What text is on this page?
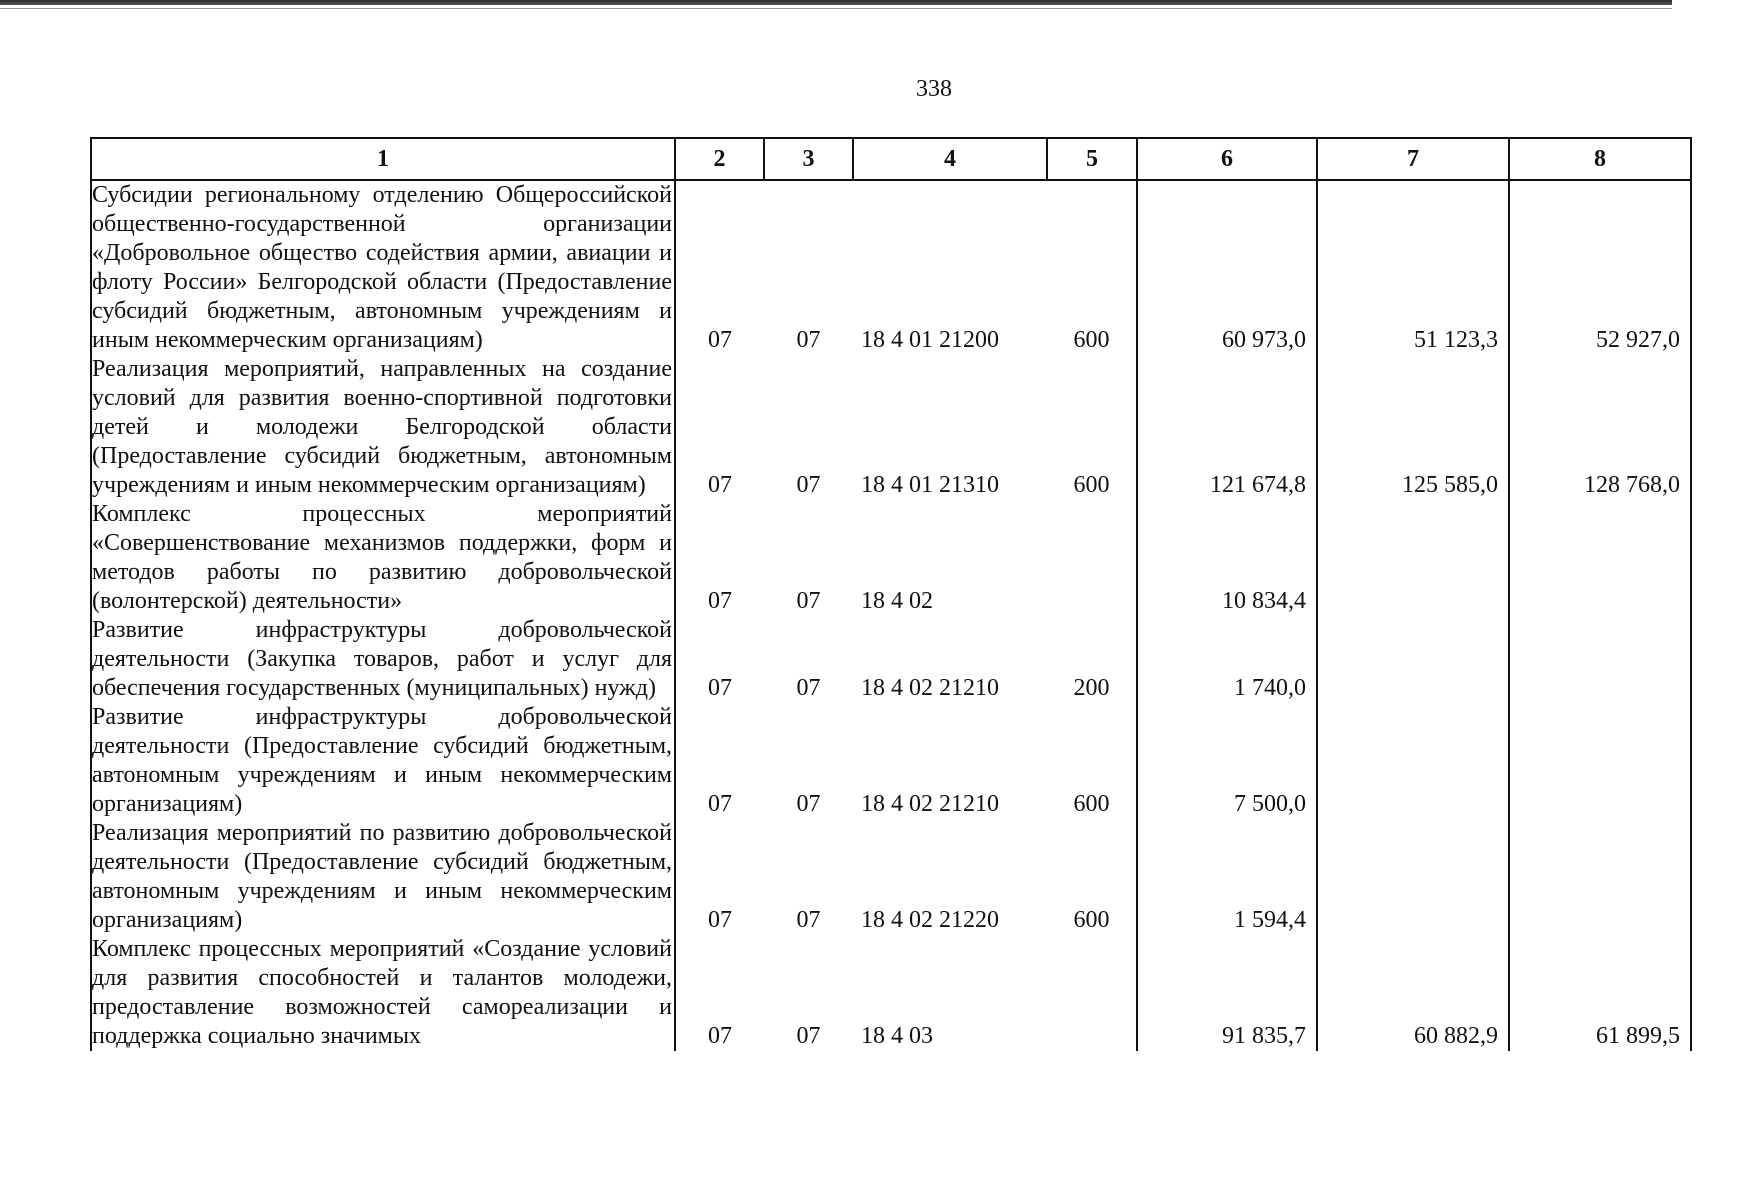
338
1	2	3	4	5	6	7	8
Субсидии региональному отделению Общероссийской общественно-государственной организации «Добровольное общество содействия армии, авиации и флоту России» Белгородской области (Предоставление субсидий бюджетным, автономным учреждениям и иным некоммерческим организациям)	07	07	18 4 01 21200	600	60 973,0	51 123,3	52 927,0
Реализация мероприятий, направленных на создание условий для развития военно-спортивной подготовки детей и молодежи Белгородской области (Предоставление субсидий бюджетным, автономным учреждениям и иным некоммерческим организациям)	07	07	18 4 01 21310	600	121 674,8	125 585,0	128 768,0
Комплекс процессных мероприятий «Совершенствование механизмов поддержки, форм и методов работы по развитию добровольческой (волонтерской) деятельности»	07	07	18 4 02		10 834,4		
Развитие инфраструктуры добровольческой деятельности (Закупка товаров, работ и услуг для обеспечения государственных (муниципальных) нужд)	07	07	18 4 02 21210	200	1 740,0		
Развитие инфраструктуры добровольческой деятельности (Предоставление субсидий бюджетным, автономным учреждениям и иным некоммерческим организациям)	07	07	18 4 02 21210	600	7 500,0		
Реализация мероприятий по развитию добровольческой деятельности (Предоставление субсидий бюджетным, автономным учреждениям и иным некоммерческим организациям)	07	07	18 4 02 21220	600	1 594,4		
Комплекс процессных мероприятий «Создание условий для развития способностей и талантов молодежи, предоставление возможностей самореализации и поддержка социально значимых	07	07	18 4 03		91 835,7	60 882,9	61 899,5
